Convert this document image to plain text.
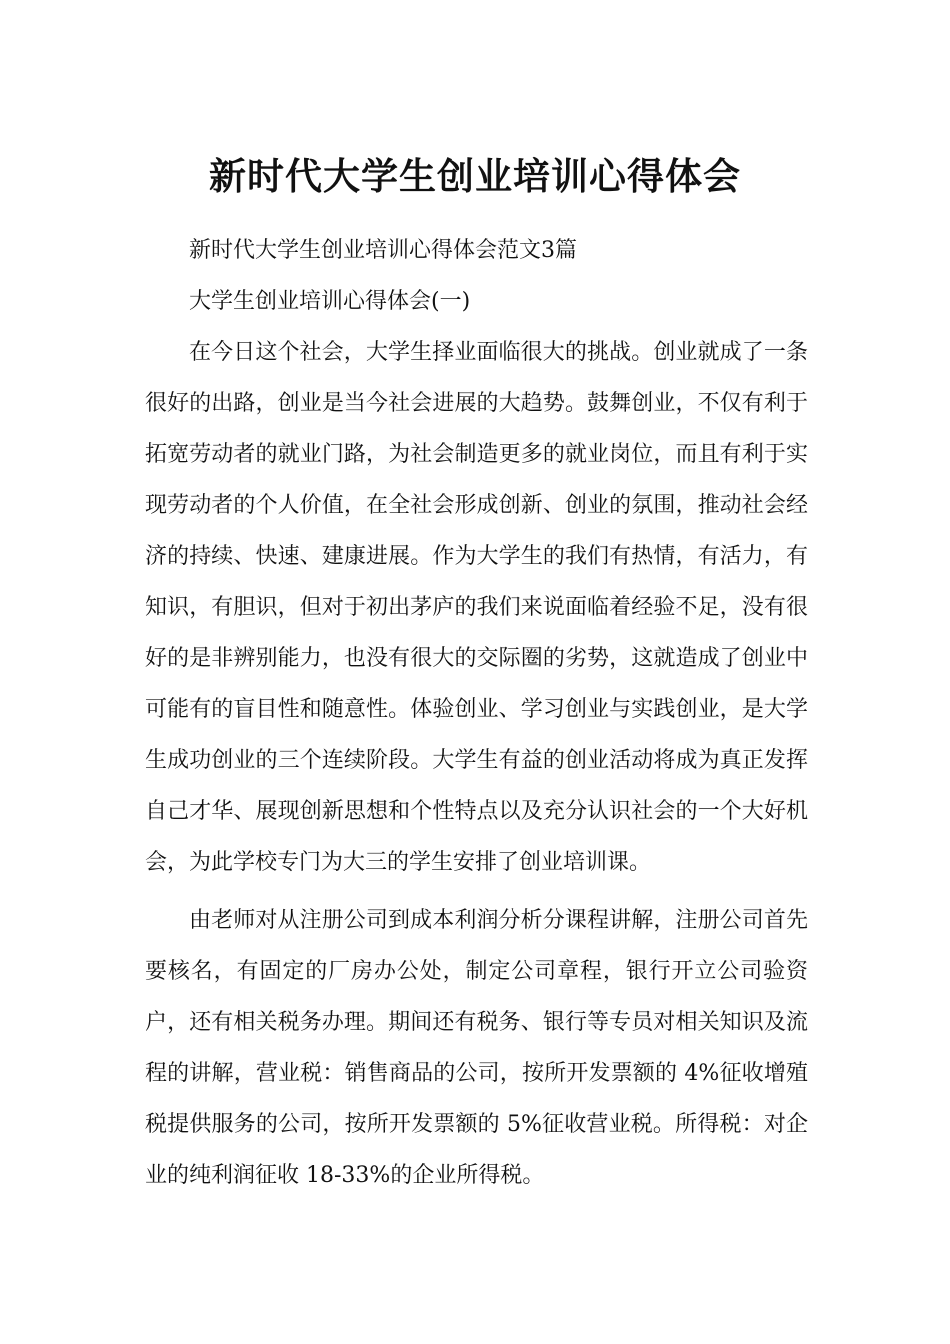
新时代大学生创业培训心得体会

新时代大学生创业培训心得体会范文3篇

大学生创业培训心得体会(一)

在今日这个社会，大学生择业面临很大的挑战。创业就成了一条很好的出路，创业是当今社会进展的大趋势。鼓舞创业，不仅有利于拓宽劳动者的就业门路，为社会制造更多的就业岗位，而且有利于实现劳动者的个人价值，在全社会形成创新、创业的氛围，推动社会经济的持续、快速、建康进展。作为大学生的我们有热情，有活力，有知识，有胆识，但对于初出茅庐的我们来说面临着经验不足，没有很好的是非辨别能力，也没有很大的交际圈的劣势，这就造成了创业中可能有的盲目性和随意性。体验创业、学习创业与实践创业，是大学生成功创业的三个连续阶段。大学生有益的创业活动将成为真正发挥自己才华、展现创新思想和个性特点以及充分认识社会的一个大好机会，为此学校专门为大三的学生安排了创业培训课。

由老师对从注册公司到成本利润分析分课程讲解，注册公司首先要核名，有固定的厂房办公处，制定公司章程，银行开立公司验资户，还有相关税务办理。期间还有税务、银行等专员对相关知识及流程的讲解，营业税：销售商品的公司，按所开发票额的 4%征收增殖税提供服务的公司，按所开发票额的 5%征收营业税。所得税：对企业的纯利润征收 18-33%的企业所得税。
